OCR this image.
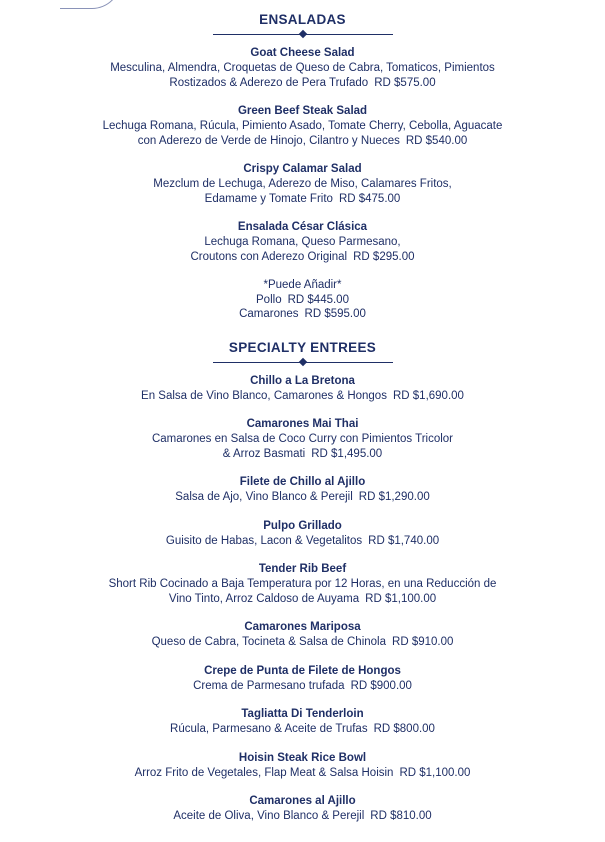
ENSALADAS
Goat Cheese Salad
Mesculina, Almendra, Croquetas de Queso de Cabra, Tomaticos, Pimientos
Rostizados & Aderezo de Pera Trufado RD $575.00
Green Beef Steak Salad
Lechuga Romana, Rúcula, Pimiento Asado, Tomate Cherry, Cebolla, Aguacate
con Aderezo de Verde de Hinojo, Cilantro y Nueces RD $540.00
Crispy Calamar Salad
Mezclum de Lechuga, Aderezo de Miso, Calamares Fritos,
Edamame y Tomate Frito RD $475.00
Ensalada César Clásica
Lechuga Romana, Queso Parmesano,
Croutons con Aderezo Original RD $295.00
*Puede Añadir*
Pollo RD $445.00
Camarones RD $595.00
SPECIALTY ENTREES
Chillo a La Bretona
En Salsa de Vino Blanco, Camarones & Hongos RD $1,690.00
Camarones Mai Thai
Camarones en Salsa de Coco Curry con Pimientos Tricolor
& Arroz Basmati RD $1,495.00
Filete de Chillo al Ajillo
Salsa de Ajo, Vino Blanco & Perejil RD $1,290.00
Pulpo Grillado
Guisito de Habas, Lacon & Vegetalitos RD $1,740.00
Tender Rib Beef
Short Rib Cocinado a Baja Temperatura por 12 Horas, en una Reducción de
Vino Tinto, Arroz Caldoso de Auyama RD $1,100.00
Camarones Mariposa
Queso de Cabra, Tocineta & Salsa de Chinola RD $910.00
Crepe de Punta de Filete de Hongos
Crema de Parmesano trufada RD $900.00
Tagliatta Di Tenderloin
Rúcula, Parmesano & Aceite de Trufas RD $800.00
Hoisin Steak Rice Bowl
Arroz Frito de Vegetales, Flap Meat & Salsa Hoisin RD $1,100.00
Camarones al Ajillo
Aceite de Oliva, Vino Blanco & Perejil RD $810.00
